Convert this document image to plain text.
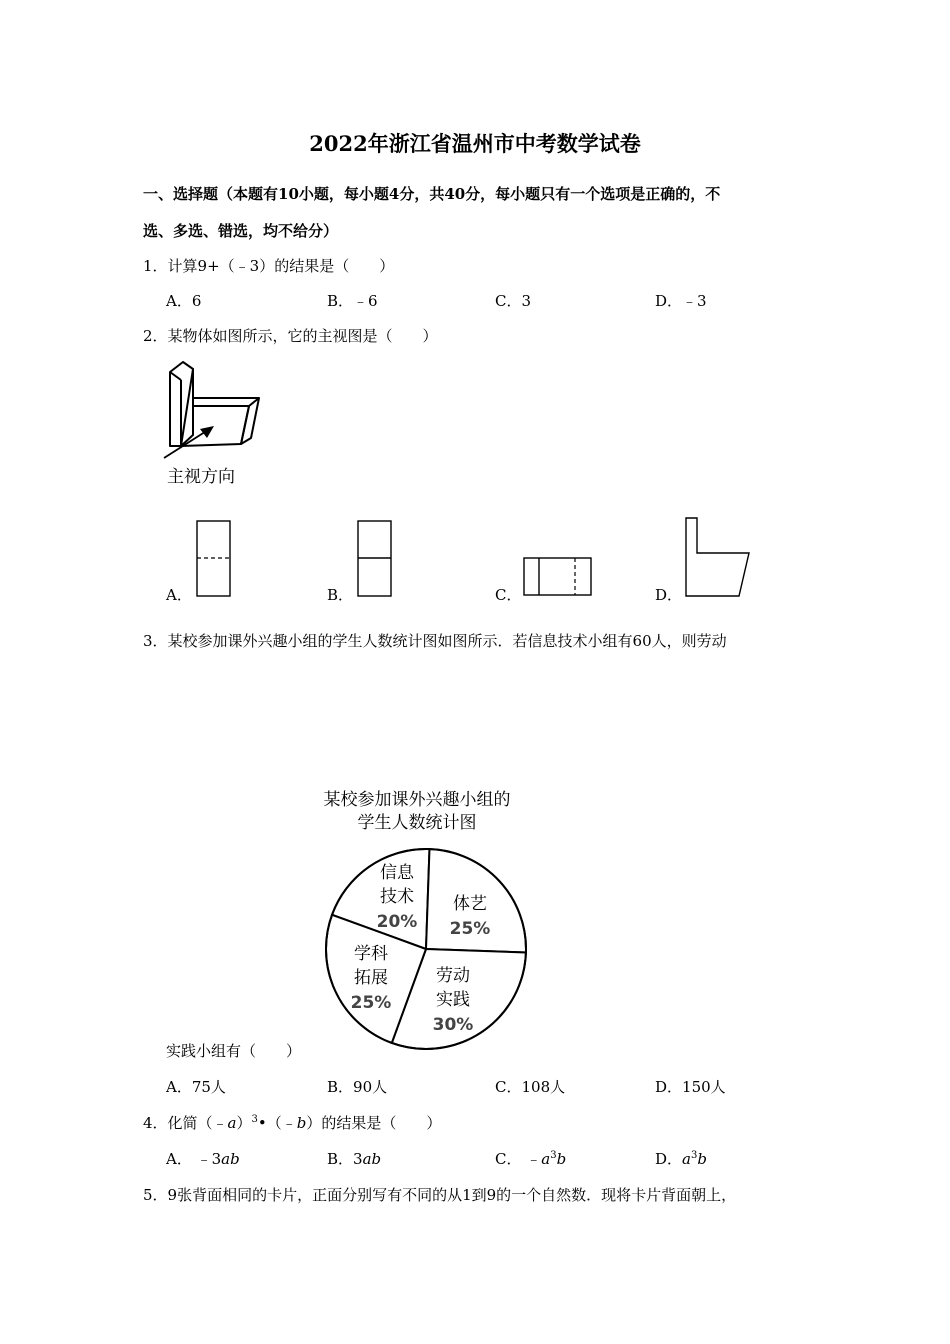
2022年浙江省温州市中考数学试卷
一、选择题（本题有10小题，每小题4分，共40分，每小题只有一个选项是正确的，不
选、多选、错选，均不给分）
1．计算9+（﹣3）的结果是（　　）
A．6	B．﹣6	C．3	D．﹣3
2．某物体如图所示，它的主视图是（　　）
主视方向
A．	B．	C．	D．
3．某校参加课外兴趣小组的学生人数统计图如图所示．若信息技术小组有60人，则劳动
某校参加课外兴趣小组的
学生人数统计图
信息
技术
20%
体艺
25%
劳动
实践
30%
学科
拓展
25%
实践小组有（　　）
A．75人	B．90人	C．108人	D．150人
4．化简（﹣a）$^3$•（﹣b）的结果是（　　）
A． ﹣3ab	B．3ab	C． $﹣a^3b$	D．$a^3b$
5．9张背面相同的卡片，正面分别写有不同的从1到9的一个自然数．现将卡片背面朝上，
